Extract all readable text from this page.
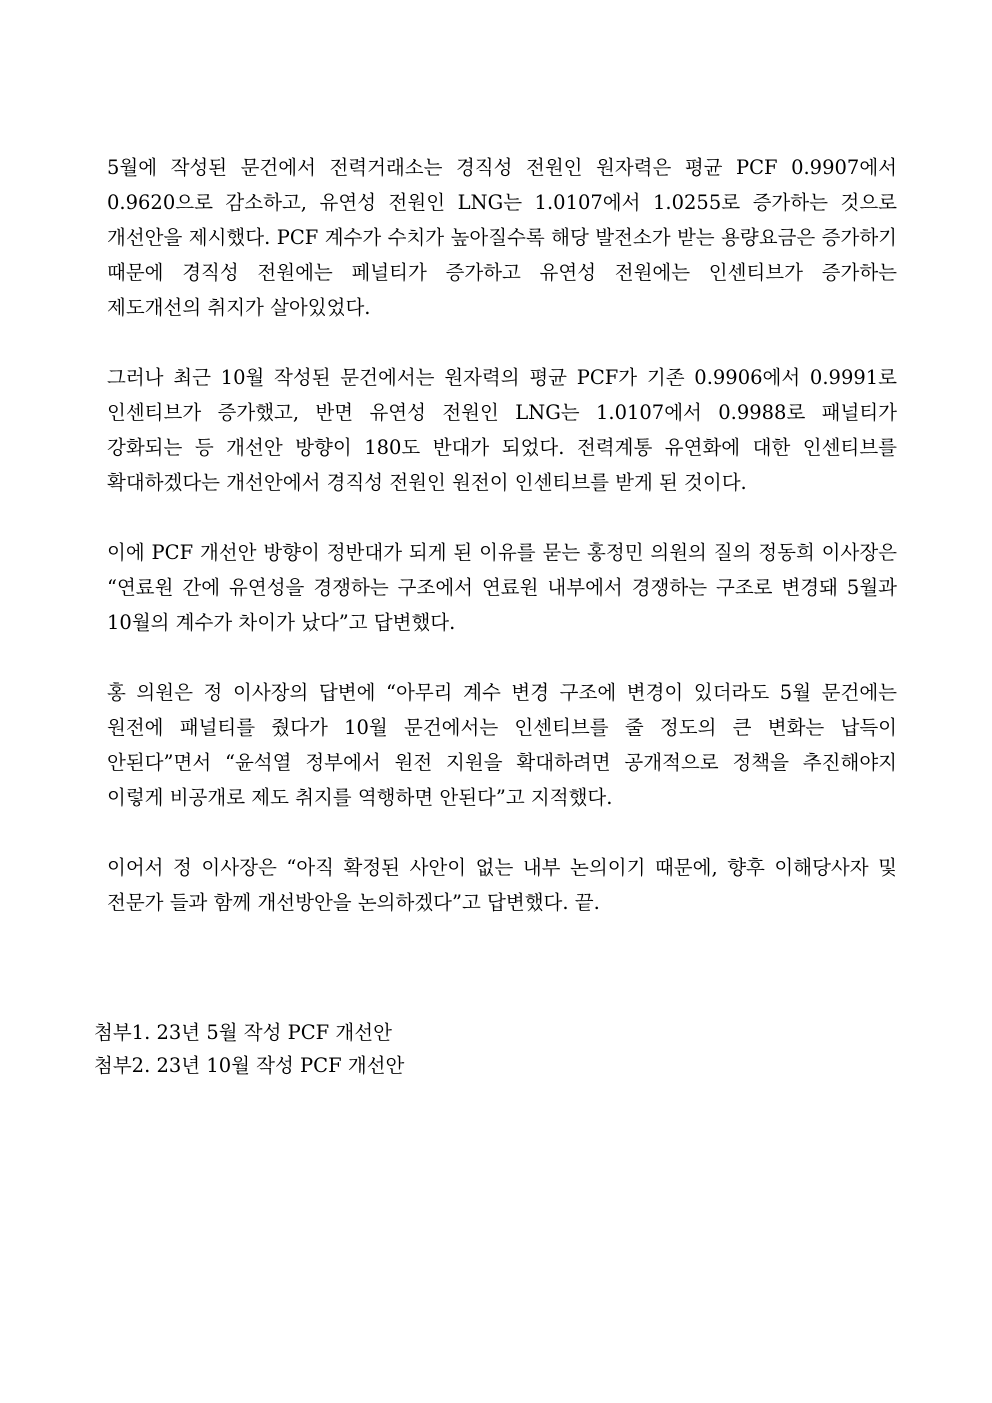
5월에 작성된 문건에서 전력거래소는 경직성 전원인 원자력은 평균 PCF 0.9907에서 0.9620으로 감소하고, 유연성 전원인 LNG는 1.0107에서 1.0255로 증가하는 것으로 개선안을 제시했다. PCF 계수가 수치가 높아질수록 해당 발전소가 받는 용량요금은 증가하기 때문에 경직성 전원에는 페널티가 증가하고 유연성 전원에는 인센티브가 증가하는 제도개선의 취지가 살아있었다.

그러나 최근 10월 작성된 문건에서는 원자력의 평균 PCF가 기존 0.9906에서 0.9991로 인센티브가 증가했고, 반면 유연성 전원인 LNG는 1.0107에서 0.9988로 패널티가 강화되는 등 개선안 방향이 180도 반대가 되었다. 전력계통 유연화에 대한 인센티브를 확대하겠다는 개선안에서 경직성 전원인 원전이 인센티브를 받게 된 것이다.

이에 PCF 개선안 방향이 정반대가 되게 된 이유를 묻는 홍정민 의원의 질의 정동희 이사장은 “연료원 간에 유연성을 경쟁하는 구조에서 연료원 내부에서 경쟁하는 구조로 변경돼 5월과 10월의 계수가 차이가 났다”고 답변했다.

홍 의원은 정 이사장의 답변에 “아무리 계수 변경 구조에 변경이 있더라도 5월 문건에는 원전에 패널티를 줬다가 10월 문건에서는 인센티브를 줄 정도의 큰 변화는 납득이 안된다”면서 “윤석열 정부에서 원전 지원을 확대하려면 공개적으로 정책을 추진해야지 이렇게 비공개로 제도 취지를 역행하면 안된다”고 지적했다.

이어서 정 이사장은 “아직 확정된 사안이 없는 내부 논의이기 때문에, 향후 이해당사자 및 전문가 들과 함께 개선방안을 논의하겠다”고 답변했다. 끝.

첨부1. 23년 5월 작성 PCF 개선안
첨부2. 23년 10월 작성 PCF 개선안
